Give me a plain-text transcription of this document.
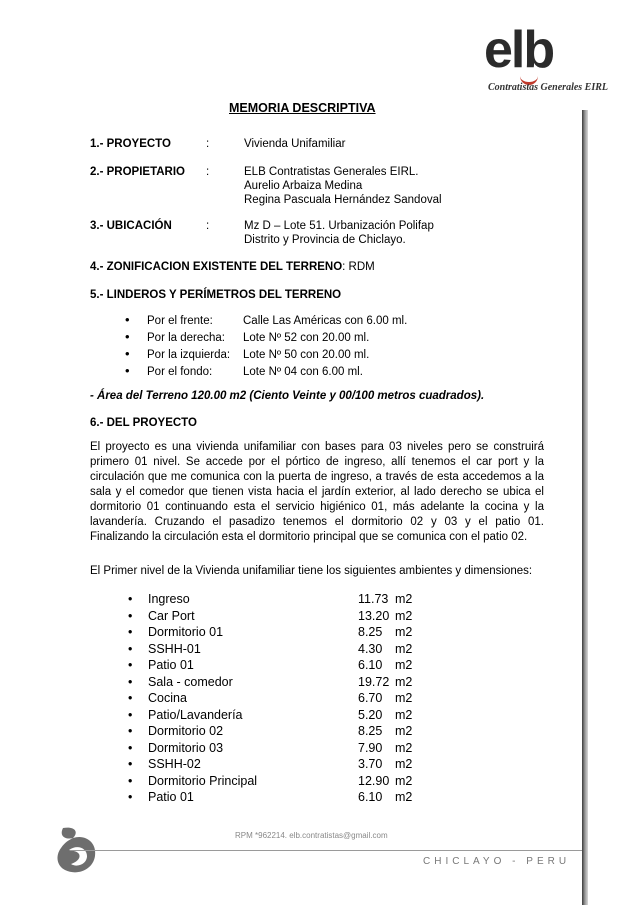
elb
Contratistas Generales EIRL
MEMORIA DESCRIPTIVA
1.- PROYECTO	:	Vivienda Unifamiliar
2.- PROPIETARIO :	ELB Contratistas Generales EIRL.
Aurelio Arbaiza Medina
Regina Pascuala Hernández Sandoval
3.- UBICACIÓN	:	Mz D – Lote 51. Urbanización Polifap
Distrito y Provincia de Chiclayo.
4.- ZONIFICACION EXISTENTE DEL TERRENO: RDM
5.- LINDEROS Y PERÍMETROS DEL TERRENO
• Por el frente:	Calle Las Américas con 6.00 ml.
• Por la derecha: Lote Nº 52 con 20.00 ml.
• Por la izquierda: Lote Nº 50 con 20.00 ml.
• Por el fondo:	Lote Nº 04 con 6.00 ml.
- Área del Terreno 120.00 m2 (Ciento Veinte y 00/100 metros cuadrados).
6.- DEL PROYECTO
El proyecto es una vivienda unifamiliar con bases para 03 niveles pero se construirá primero 01 nivel. Se accede por el pórtico de ingreso, allí tenemos el car port y la circulación que me comunica con la puerta de ingreso, a través de esta accedemos a la sala y el comedor que tienen vista hacia el jardín exterior, al lado derecho se ubica el dormitorio 01 continuando esta el servicio higiénico 01, más adelante la cocina y la lavandería. Cruzando el pasadizo tenemos el dormitorio 02 y 03 y el patio 01. Finalizando la circulación esta el dormitorio principal que se comunica con el patio 02.
El Primer nivel de la Vivienda unifamiliar tiene los siguientes ambientes y dimensiones:
• Ingreso	11.73 m2
• Car Port	13.20 m2
• Dormitorio 01	8.25 m2
• SSHH-01	4.30 m2
• Patio 01	6.10 m2
• Sala - comedor	19.72 m2
• Cocina	6.70 m2
• Patio/Lavandería	5.20 m2
• Dormitorio 02	8.25 m2
• Dormitorio 03	7.90 m2
• SSHH-02	3.70 m2
• Dormitorio Principal	12.90 m2
• Patio 01	6.10 m2
RPM *962214. elb.contratistas@gmail.com
CHICLAYO - PERU
